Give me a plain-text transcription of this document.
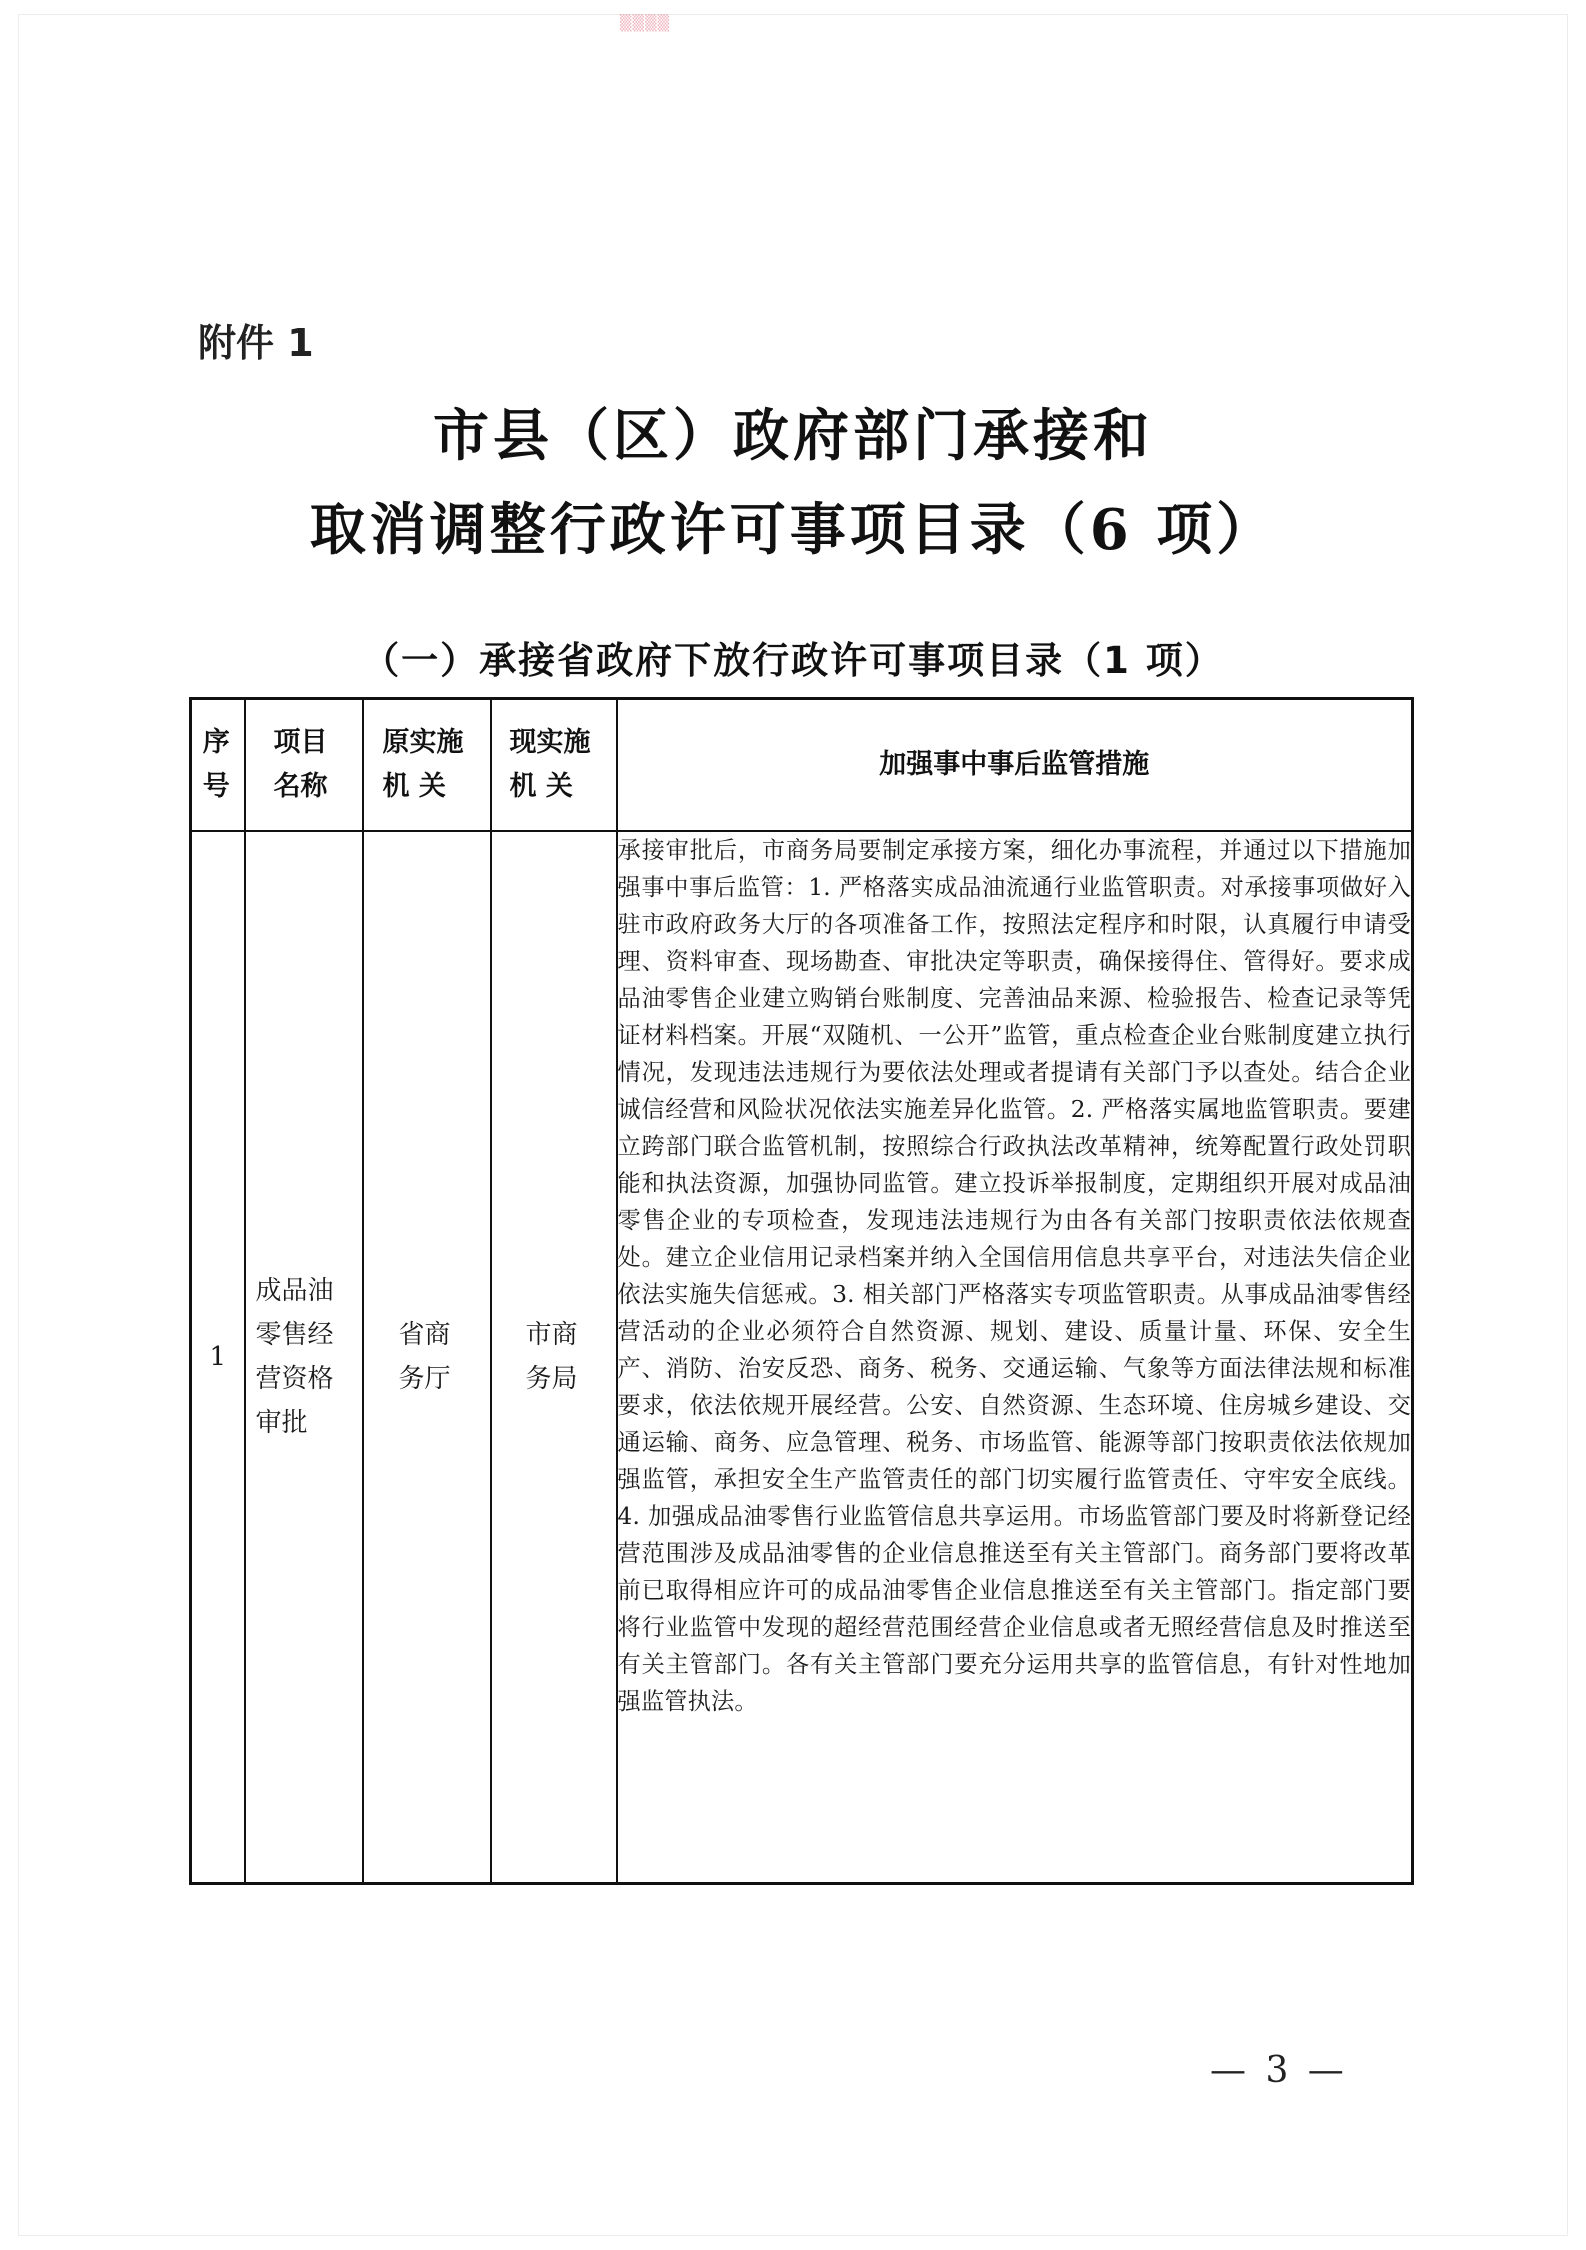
▒▒▒▒
附件 1
市县（区）政府部门承接和
取消调整行政许可事项目录（6 项）
（一）承接省政府下放行政许可事项目录（1 项）
序号	项目名称	原实施机 关	现实施机 关	加强事中事后监管措施
1	成品油零售经营资格审批	省商务厅	市商务局	承接审批后，市商务局要制定承接方案，细化办事流程，并通过以下措施加强事中事后监管：1. 严格落实成品油流通行业监管职责。对承接事项做好入驻市政府政务大厅的各项准备工作，按照法定程序和时限，认真履行申请受理、资料审查、现场勘查、审批决定等职责，确保接得住、管得好。要求成品油零售企业建立购销台账制度、完善油品来源、检验报告、检查记录等凭证材料档案。开展“双随机、一公开”监管，重点检查企业台账制度建立执行情况，发现违法违规行为要依法处理或者提请有关部门予以查处。结合企业诚信经营和风险状况依法实施差异化监管。2. 严格落实属地监管职责。要建立跨部门联合监管机制，按照综合行政执法改革精神，统筹配置行政处罚职能和执法资源，加强协同监管。建立投诉举报制度，定期组织开展对成品油零售企业的专项检查，发现违法违规行为由各有关部门按职责依法依规查处。建立企业信用记录档案并纳入全国信用信息共享平台，对违法失信企业依法实施失信惩戒。3. 相关部门严格落实专项监管职责。从事成品油零售经营活动的企业必须符合自然资源、规划、建设、质量计量、环保、安全生产、消防、治安反恐、商务、税务、交通运输、气象等方面法律法规和标准要求，依法依规开展经营。公安、自然资源、生态环境、住房城乡建设、交通运输、商务、应急管理、税务、市场监管、能源等部门按职责依法依规加强监管，承担安全生产监管责任的部门切实履行监管责任、守牢安全底线。4. 加强成品油零售行业监管信息共享运用。市场监管部门要及时将新登记经营范围涉及成品油零售的企业信息推送至有关主管部门。商务部门要将改革前已取得相应许可的成品油零售企业信息推送至有关主管部门。指定部门要将行业监管中发现的超经营范围经营企业信息或者无照经营信息及时推送至有关主管部门。各有关主管部门要充分运用共享的监管信息，有针对性地加强监管执法。
— 3 —
